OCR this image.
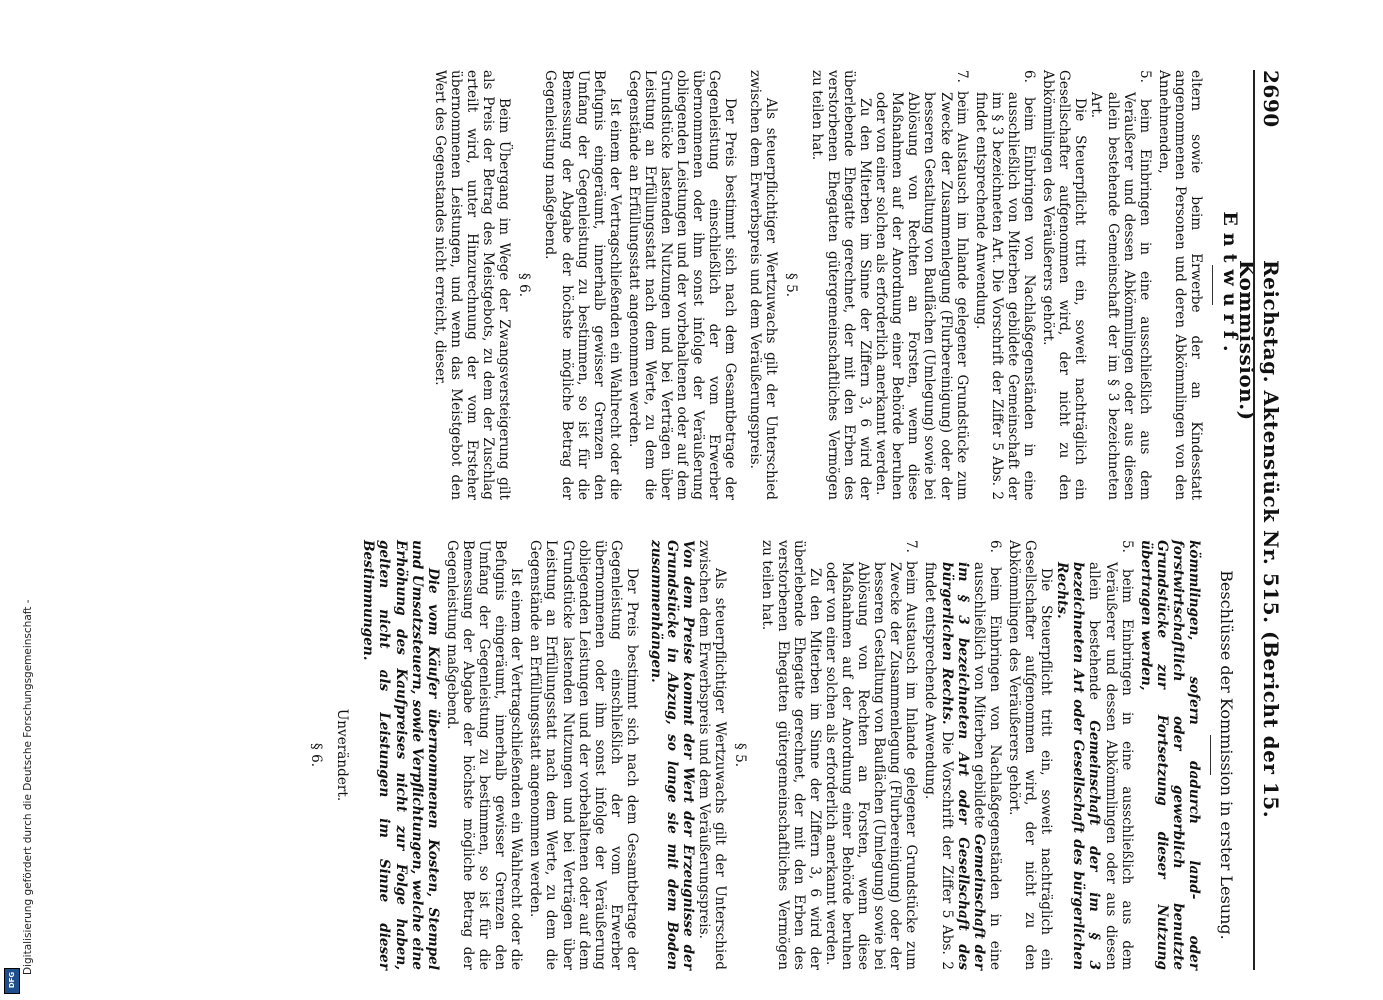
2690
Reichstag. Aktenstück Nr. 515. (Bericht der 15. Kommission.)
Entwurf.

eltern sowie beim Erwerbe der an Kindesstatt angenommenen Personen und deren Abkömmlingen von den Annehmenden,

5. beim Einbringen in eine ausschließlich aus dem Veräußerer und dessen Abkömmlingen oder aus diesen allein bestehende Gemeinschaft der im § 3 bezeichneten Art.

Die Steuerpflicht tritt ein, soweit nachträglich ein Gesellschafter aufgenommen wird, der nicht zu den Abkömmlingen des Veräußerers gehört.

6. beim Einbringen von Nachlaßgegenständen in eine ausschließlich von Miterben gebildete Gemeinschaft der im § 3 bezeichneten Art. Die Vorschrift der Ziffer 5 Abs. 2 findet entsprechende Anwendung.

7. beim Austausch im Inlande gelegener Grundstücke zum Zwecke der Zusammenlegung (Flurbereinigung) oder der besseren Gestaltung von Bauflächen (Umlegung) sowie bei Ablösung von Rechten an Forsten, wenn diese Maßnahmen auf der Anordnung einer Behörde beruhen oder von einer solchen als erforderlich anerkannt werden.

Zu den Miterben im Sinne der Ziffern 3, 6 wird der überlebende Ehegatte gerechnet, der mit den Erben des verstorbenen Ehegatten gütergemeinschaftliches Vermögen zu teilen hat.

§ 5.

Als steuerpflichtiger Wertzuwachs gilt der Unterschied zwischen dem Erwerbspreis und dem Veräußerungspreis.

Der Preis bestimmt sich nach dem Gesamtbetrage der Gegenleistung einschließlich der vom Erwerber übernommenen oder ihm sonst infolge der Veräußerung obliegenden Leistungen und der vorbehaltenen oder auf dem Grundstücke lastenden Nutzungen und bei Verträgen über Leistung an Erfüllungsstatt nach dem Werte, zu dem die Gegenstände an Erfüllungsstatt angenommen werden.

Ist einem der Vertragschließenden ein Wahlrecht oder die Befugnis eingeräumt, innerhalb gewisser Grenzen den Umfang der Gegenleistung zu bestimmen, so ist für die Bemessung der Abgabe der höchste mögliche Betrag der Gegenleistung maßgebend.

§ 6.

Beim Übergang im Wege der Zwangsversteigerung gilt als Preis der Betrag des Meistgebots, zu dem der Zuschlag erteilt wird, unter Hinzurechnung der vom Ersteher übernommenen Leistungen, und wenn das Meistgebot den Wert des Gegenstandes nicht erreicht, dieser.

Beschlüsse der Kommission in erster Lesung.

kömmlingen, sofern dadurch land- oder forstwirtschaftlich oder gewerblich benutzte Grundstücke zur Fortsetzung dieser Nutzung übertragen werden,

5. beim Einbringen in eine ausschließlich aus dem Veräußerer und dessen Abkömmlingen oder aus diesen allein bestehende Gemeinschaft der im § 3 bezeichneten Art oder Gesellschaft des bürgerlichen Rechts.

Die Steuerpflicht tritt ein, soweit nachträglich ein Gesellschafter aufgenommen wird, der nicht zu den Abkömmlingen des Veräußerers gehört.

6. beim Einbringen von Nachlaßgegenständen in eine ausschließlich von Miterben gebildete Gemeinschaft der im § 3 bezeichneten Art oder Gesellschaft des bürgerlichen Rechts. Die Vorschrift der Ziffer 5 Abs. 2 findet entsprechende Anwendung.

7. beim Austausch im Inlande gelegener Grundstücke zum Zwecke der Zusammenlegung (Flurbereinigung) oder der besseren Gestaltung von Bauflächen (Umlegung) sowie bei Ablösung von Rechten an Forsten, wenn diese Maßnahmen auf der Anordnung einer Behörde beruhen oder von einer solchen als erforderlich anerkannt werden.

Zu den Miterben im Sinne der Ziffern 3, 6 wird der überlebende Ehegatte gerechnet, der mit den Erben des verstorbenen Ehegatten gütergemeinschaftliches Vermögen zu teilen hat.

§ 5.

Als steuerpflichtiger Wertzuwachs gilt der Unterschied zwischen dem Erwerbspreis und dem Veräußerungspreis.

Von dem Preise kommt der Wert der Erzeugnisse der Grundstücke in Abzug, so lange sie mit dem Boden zusammenhängen.

Der Preis bestimmt sich nach dem Gesamtbetrage der Gegenleistung einschließlich der vom Erwerber übernommenen oder ihm sonst infolge der Veräußerung obliegenden Leistungen und der vorbehaltenen oder auf dem Grundstücke lastenden Nutzungen und bei Verträgen über Leistung an Erfüllungsstatt nach dem Werte, zu dem die Gegenstände an Erfüllungsstatt angenommen werden.

Ist einem der Vertragschließenden ein Wahlrecht oder die Befugnis eingeräumt, innerhalb gewisser Grenzen den Umfang der Gegenleistung zu bestimmen, so ist für die Bemessung der Abgabe der höchste mögliche Betrag der Gegenleistung maßgebend.

Die vom Käufer übernommenen Kosten, Stempel und Umsatzsteuern, sowie Verpflichtungen, welche eine Erhöhung des Kaufpreises nicht zur Folge haben, gelten nicht als Leistungen im Sinne dieser Bestimmungen.

Unverändert.

§ 6.

Digitalisierung gefördert durch die Deutsche Forschungsgemeinschaft -
DFG
